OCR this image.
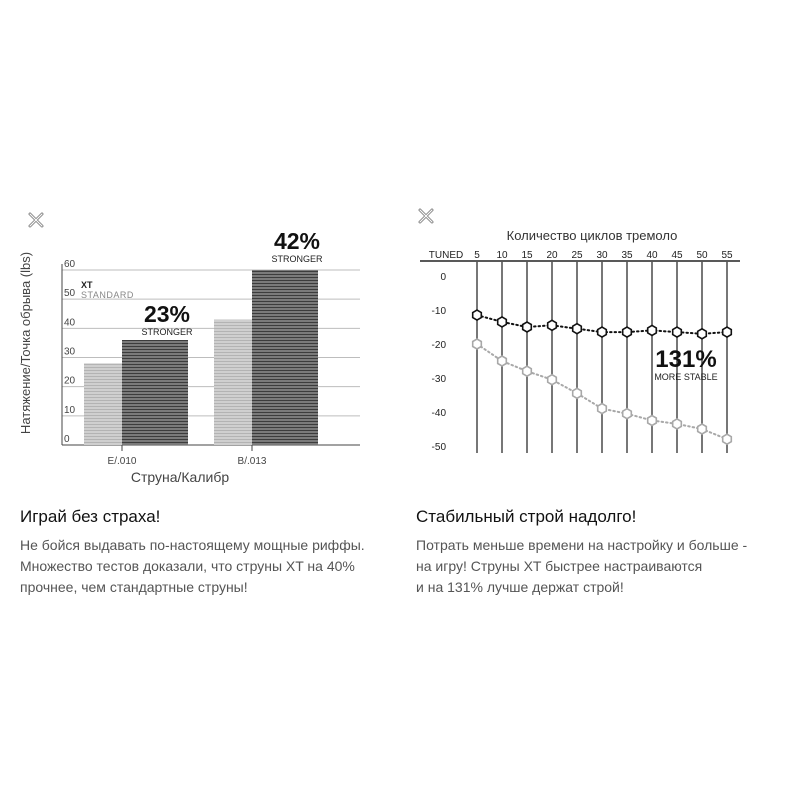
0
10
20
30
40
50
60
E/.010	B/.013
XT
STANDARD
23%
STRONGER
42%
STRONGER
Натяжение/Точка обрыва (lbs)
Струна/Калибр
Количество циклов тремоло
TUNED 5 10 15 20 25 30 35 40 45 50 55
0
-10
-20
-30
-40
-50
131%
MORE STABLE
Играй без страха!
Не бойся выдавать по-настоящему мощные риффы.
Множество тестов доказали, что струны XT на 40%
прочнее, чем стандартные струны!
Стабильный строй надолго!
Потрать меньше времени на настройку и больше -
на игру! Струны XT быстрее настраиваются
и на 131% лучше держат строй!
